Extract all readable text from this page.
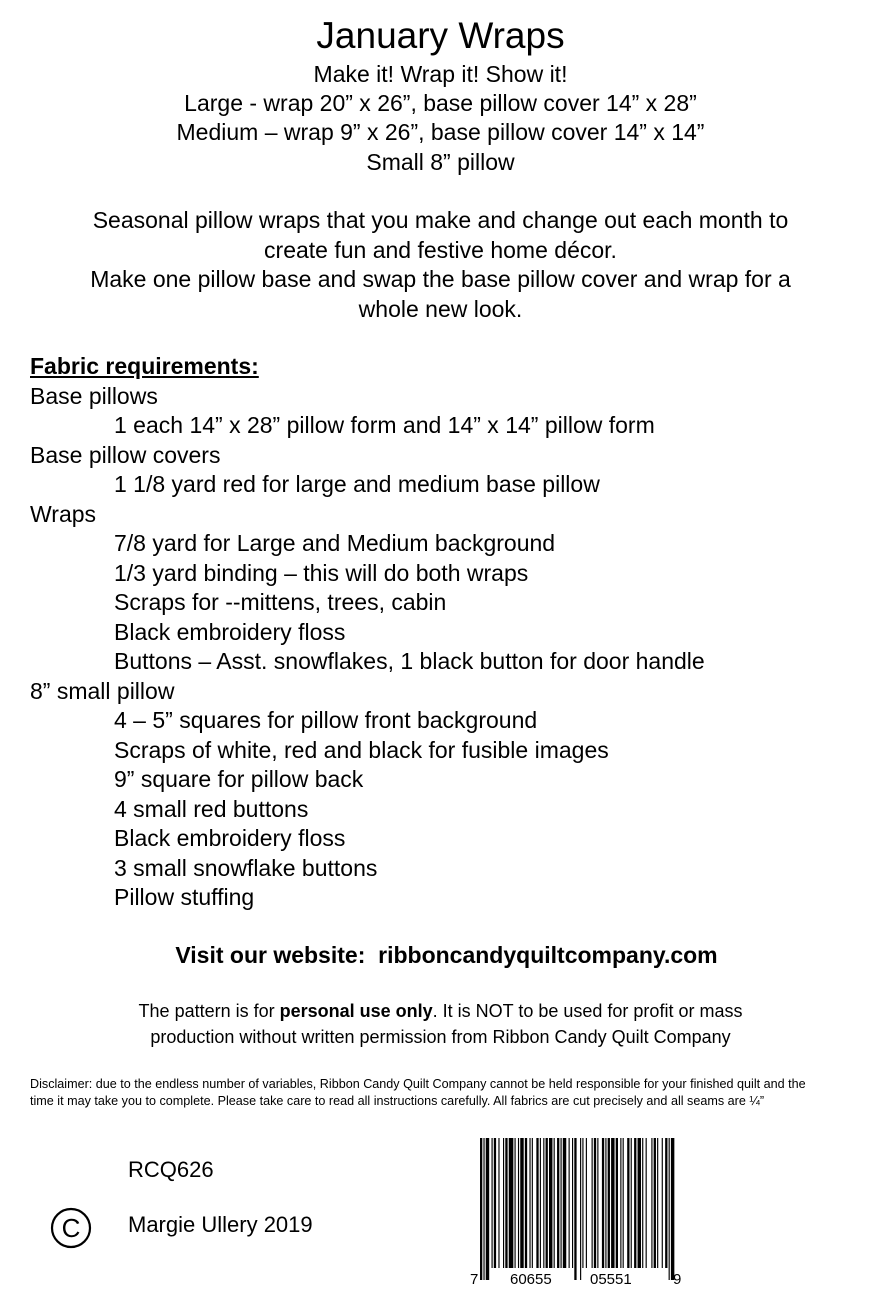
January Wraps
Make it! Wrap it! Show it!
Large - wrap 20” x 26”, base pillow cover 14” x 28”
Medium – wrap 9” x 26”, base pillow cover 14” x 14”
Small 8” pillow

Seasonal pillow wraps that you make and change out each month to

create fun and festive home décor.

Make one pillow base and swap the base pillow cover and wrap for a

whole new look.

Fabric requirements:
Base pillows
1 each 14” x 28” pillow form and 14” x 14” pillow form
Base pillow covers
1 1/8 yard red for large and medium base pillow
Wraps
7/8 yard for Large and Medium background
1/3 yard binding – this will do both wraps
Scraps for --mittens, trees, cabin
Black embroidery floss
Buttons – Asst. snowflakes, 1 black button for door handle
8” small pillow
4 – 5” squares for pillow front background
Scraps of white, red and black for fusible images
9” square for pillow back
4 small red buttons
Black embroidery floss
3 small snowflake buttons
Pillow stuffing
Visit our website: ribboncandyquiltcompany.com
The pattern is for personal use only. It is NOT to be used for profit or mass
production without written permission from Ribbon Candy Quilt Company
Disclaimer: due to the endless number of variables, Ribbon Candy Quilt Company cannot be held responsible for your finished quilt and the time it may take you to complete. Please take care to read all instructions carefully. All fabrics are cut precisely and all seams are ¼”
RCQ626
C Margie Ullery 2019
7 60655	05551	9
